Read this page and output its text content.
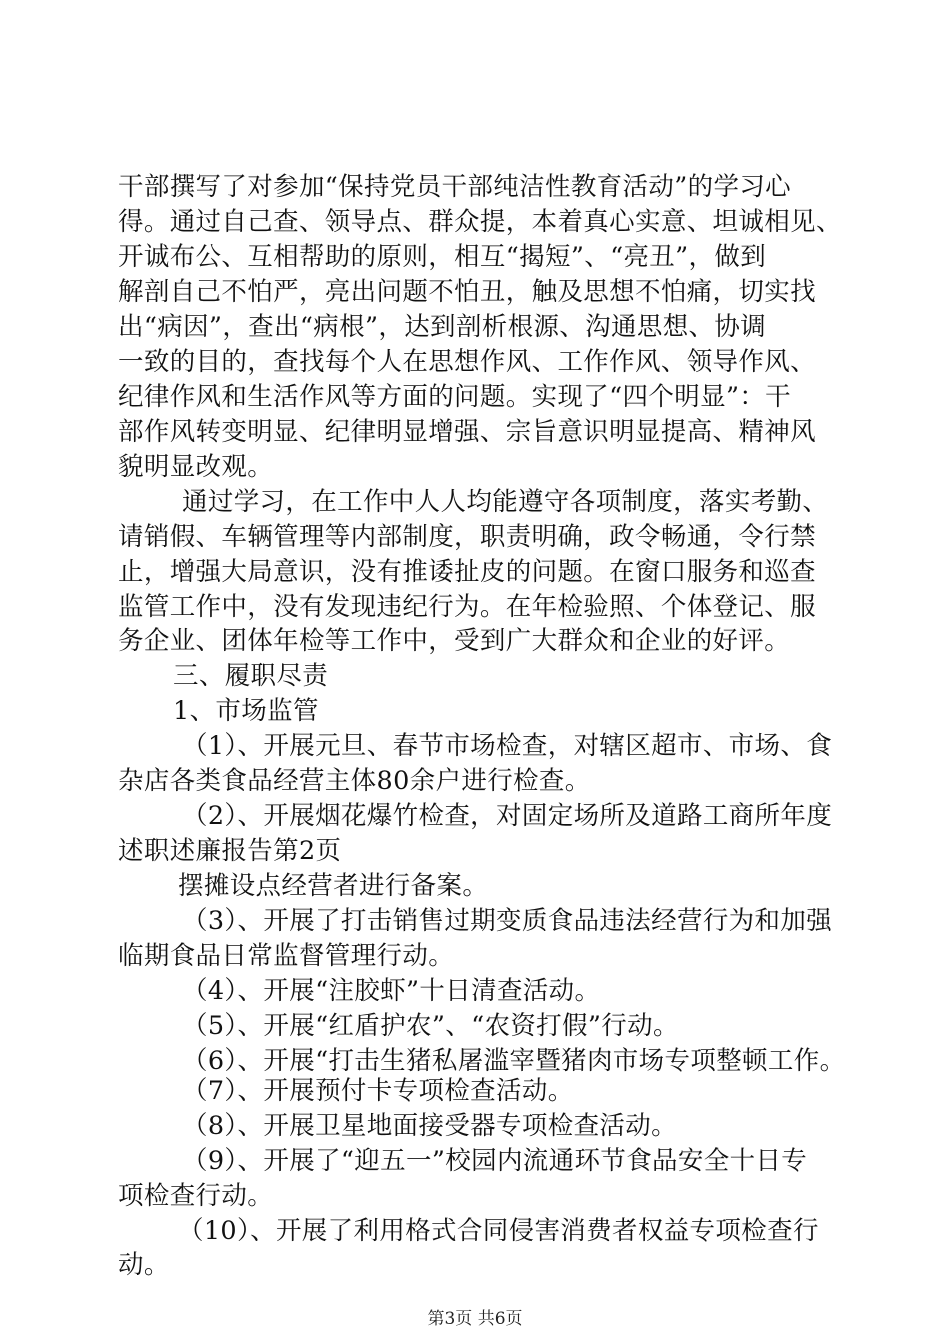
干部撰写了对参加“保持党员干部纯洁性教育活动”的学习心
得。通过自己查、领导点、群众提，本着真心实意、坦诚相见、
开诚布公、互相帮助的原则，相互“揭短”、“亮丑”，做到
解剖自己不怕严，亮出问题不怕丑，触及思想不怕痛，切实找
出“病因”，查出“病根”，达到剖析根源、沟通思想、协调
一致的目的，查找每个人在思想作风、工作作风、领导作风、
纪律作风和生活作风等方面的问题。实现了“四个明显”：干
部作风转变明显、纪律明显增强、宗旨意识明显提高、精神风
貌明显改观。
通过学习，在工作中人人均能遵守各项制度，落实考勤、
请销假、车辆管理等内部制度，职责明确，政令畅通，令行禁
止，增强大局意识，没有推诿扯皮的问题。在窗口服务和巡查
监管工作中，没有发现违纪行为。在年检验照、个体登记、服
务企业、团体年检等工作中，受到广大群众和企业的好评。
三、履职尽责
1、市场监管
（1）、开展元旦、春节市场检查，对辖区超市、市场、食
杂店各类食品经营主体80余户进行检查。
（2）、开展烟花爆竹检查，对固定场所及道路工商所年度
述职述廉报告第2页
摆摊设点经营者进行备案。
（3）、开展了打击销售过期变质食品违法经营行为和加强
临期食品日常监督管理行动。
（4）、开展“注胶虾”十日清查活动。
（5）、开展“红盾护农”、“农资打假”行动。
（6）、开展“打击生猪私屠滥宰暨猪肉市场专项整顿工作。
（7）、开展预付卡专项检查活动。
（8）、开展卫星地面接受器专项检查活动。
（9）、开展了“迎五一”校园内流通环节食品安全十日专
项检查行动。
第3页 共6页
（10）、开展了利用格式合同侵害消费者权益专项检查行
动。
